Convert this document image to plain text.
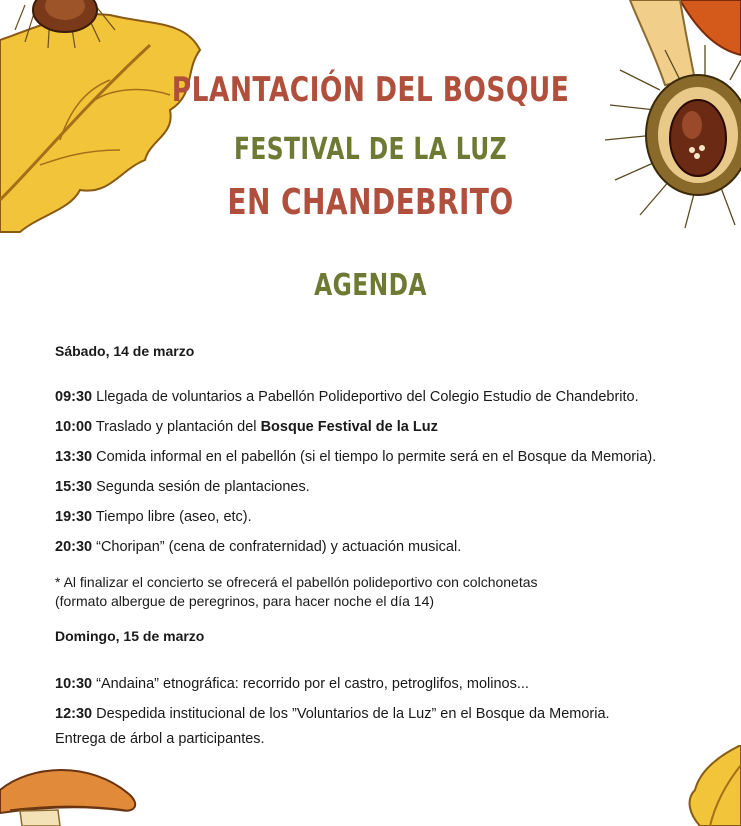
PLANTACIÓN DEL BOSQUE
FESTIVAL DE LA LUZ
EN CHANDEBRITO
AGENDA
Sábado, 14 de marzo
09:30 Llegada de voluntarios a Pabellón Polideportivo del Colegio Estudio de Chandebrito.
10:00 Traslado y plantación del Bosque Festival de la Luz
13:30 Comida informal en el pabellón (si el tiempo lo permite será en el Bosque da Memoria).
15:30 Segunda sesión de plantaciones.
19:30 Tiempo libre (aseo, etc).
20:30 “Choripan” (cena de confraternidad) y actuación musical.
* Al finalizar el concierto se ofrecerá el pabellón polideportivo con colchonetas
(formato albergue de peregrinos, para hacer noche el día 14)
Domingo, 15 de marzo
10:30 “Andaina” etnográfica: recorrido por el castro, petroglifos, molinos...
12:30 Despedida institucional de los ”Voluntarios de la Luz” en el Bosque da Memoria.
Entrega de árbol a participantes.
